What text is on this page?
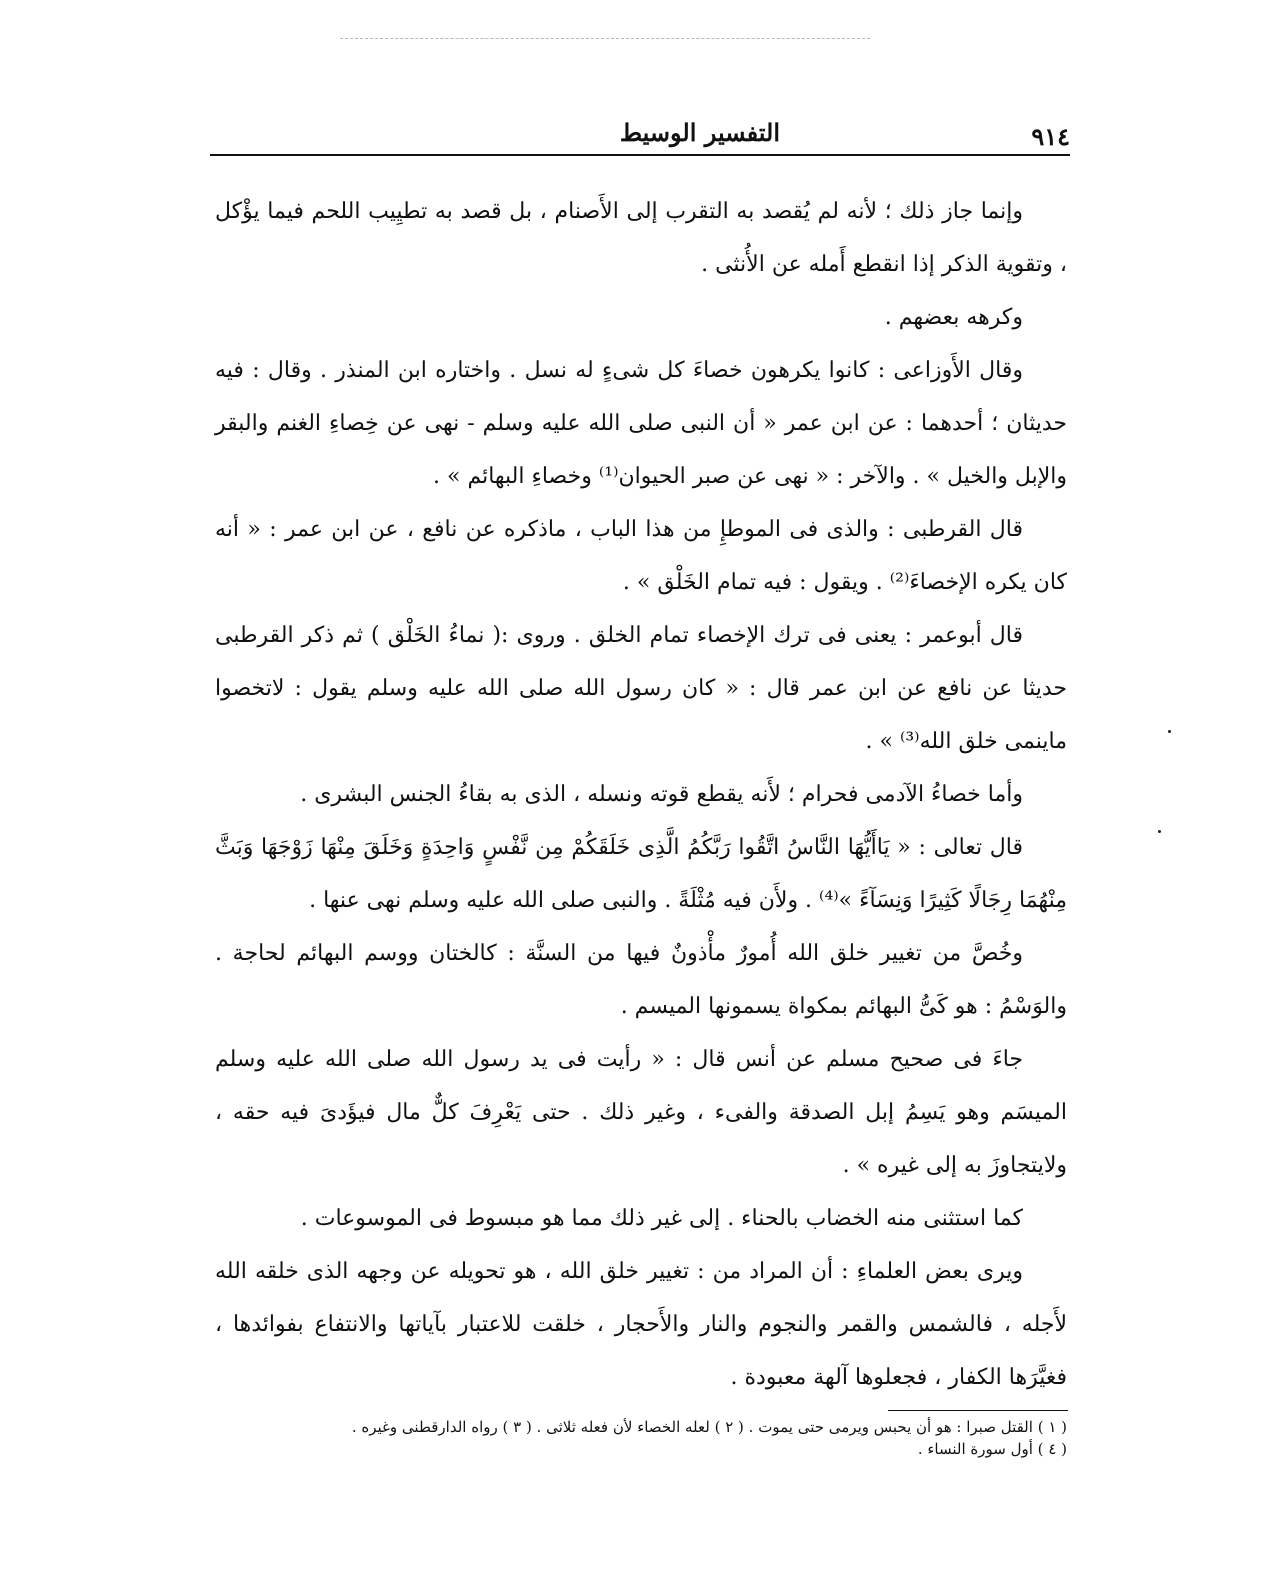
٩١٤
التفسير الوسيط

وإنما جاز ذلك ؛ لأنه لم يُقصد به التقرب إلى الأَصنام ، بل قصد به تطيِيب اللحم فيما يؤْكل ، وتقوية الذكر إذا انقطع أَمله عن الأُنثى .

وكرهه بعضهم .

وقال الأَوزاعى : كانوا يكرهون خصاءَ كل شىءٍ له نسل . واختاره ابن المنذر . وقال : فيه حديثان ؛ أحدهما : عن ابن عمر « أن النبى صلى الله عليه وسلم - نهى عن خِصاءِ الغنم والبقر والإبل والخيل » . والآخر : « نهى عن صبر الحيوان⁽¹⁾ وخصاءِ البهائم » .

قال القرطبى : والذى فى الموطإِ من هذا الباب ، ماذكره عن نافع ، عن ابن عمر : « أنه كان يكره الإخصاءَ⁽²⁾ . ويقول : فيه تمام الخَلْق » .

قال أبوعمر : يعنى فى ترك الإخصاء تمام الخلق . وروى :( نماءُ الخَلْق ) ثم ذكر القرطبى حديثا عن نافع عن ابن عمر قال : « كان رسول الله صلى الله عليه وسلم يقول : لاتخصوا ماينمى خلق الله⁽³⁾ » .

وأما خصاءُ الآدمى فحرام ؛ لأَنه يقطع قوته ونسله ، الذى به بقاءُ الجنس البشرى .

قال تعالى : « يَاأَيُّهَا النَّاسُ اتَّقُوا رَبَّكُمُ الَّذِى خَلَقَكُمْ مِن نَّفْسٍ وَاحِدَةٍ وَخَلَقَ مِنْهَا زَوْجَهَا وَبَثَّ مِنْهُمَا رِجَالًا كَثِيرًا وَنِسَآءً »⁽⁴⁾ . ولأَن فيه مُثْلَةً . والنبى صلى الله عليه وسلم نهى عنها .

وخُصَّ من تغيير خلق الله أُمورٌ مأْذونٌ فيها من السنَّة : كالختان ووسم البهائم لحاجة . والوَسْمُ : هو كَىُّ البهائم بمكواة يسمونها الميسم .

جاءَ فى صحيح مسلم عن أنس قال : « رأيت فى يد رسول الله صلى الله عليه وسلم الميسَم وهو يَسِمُ إبل الصدقة والفىء ، وغير ذلك . حتى يَعْرِفَ كلٌّ مال فيؤَدىَ فيه حقه ، ولايتجاوزَ به إلى غيره » .

كما استثنى منه الخضاب بالحناء . إلى غير ذلك مما هو مبسوط فى الموسوعات .

ويرى بعض العلماءِ : أن المراد من : تغيير خلق الله ، هو تحويله عن وجهه الذى خلقه الله لأَجله ، فالشمس والقمر والنجوم والنار والأَحجار ، خلقت للاعتبار بآياتها والانتفاع بفوائدها ، فغيَّرَها الكفار ، فجعلوها آلهة معبودة .

( ١ ) القتل صبرا : هو أن يحبس ويرمى حتى يموت . ( ٢ ) لعله الخصاء لأن فعله ثلاثى . ( ٣ ) رواه الدارقطنى وغيره .

( ٤ ) أول سورة النساء .
